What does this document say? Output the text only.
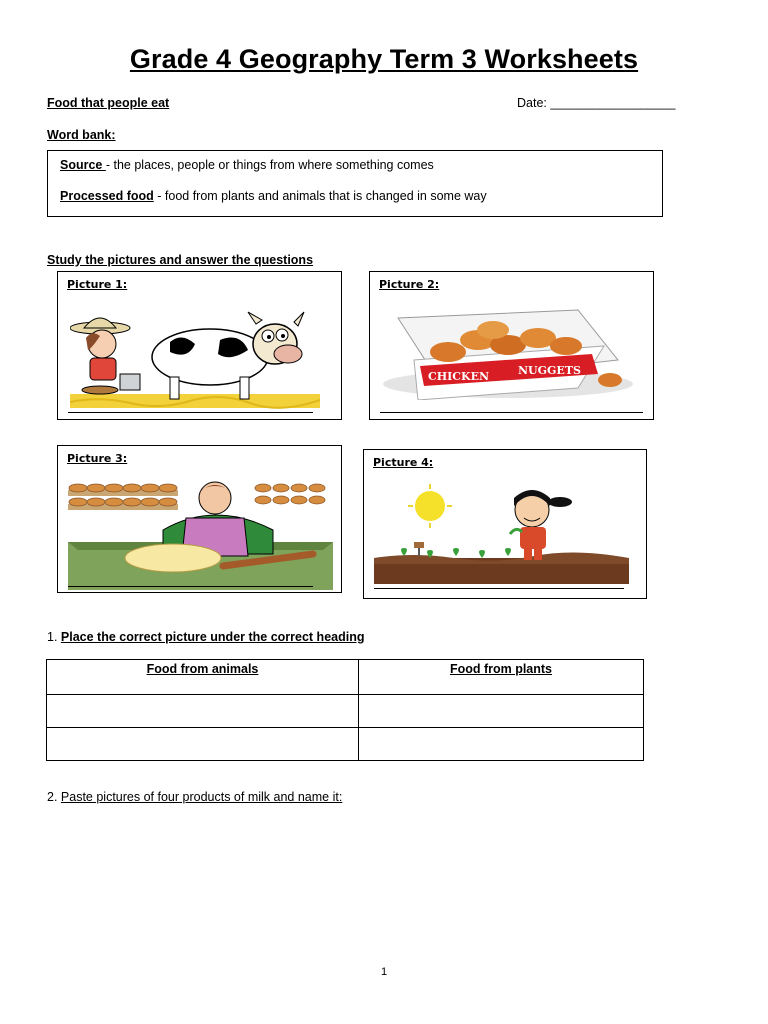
Grade 4 Geography Term 3 Worksheets
Food that people eat	Date: __________________
Word bank:
Source - the places, people or things from where something comes
Processed food - food from plants and animals that is changed in some way
Study the pictures and answer the questions
Picture 1:	Picture 2:
CHICKEN	NUGGETS
Picture 3:	Picture 4:
1. Place the correct picture under the correct heading
Food from animals	Food from plants

2. Paste pictures of four products of milk and name it:
1
